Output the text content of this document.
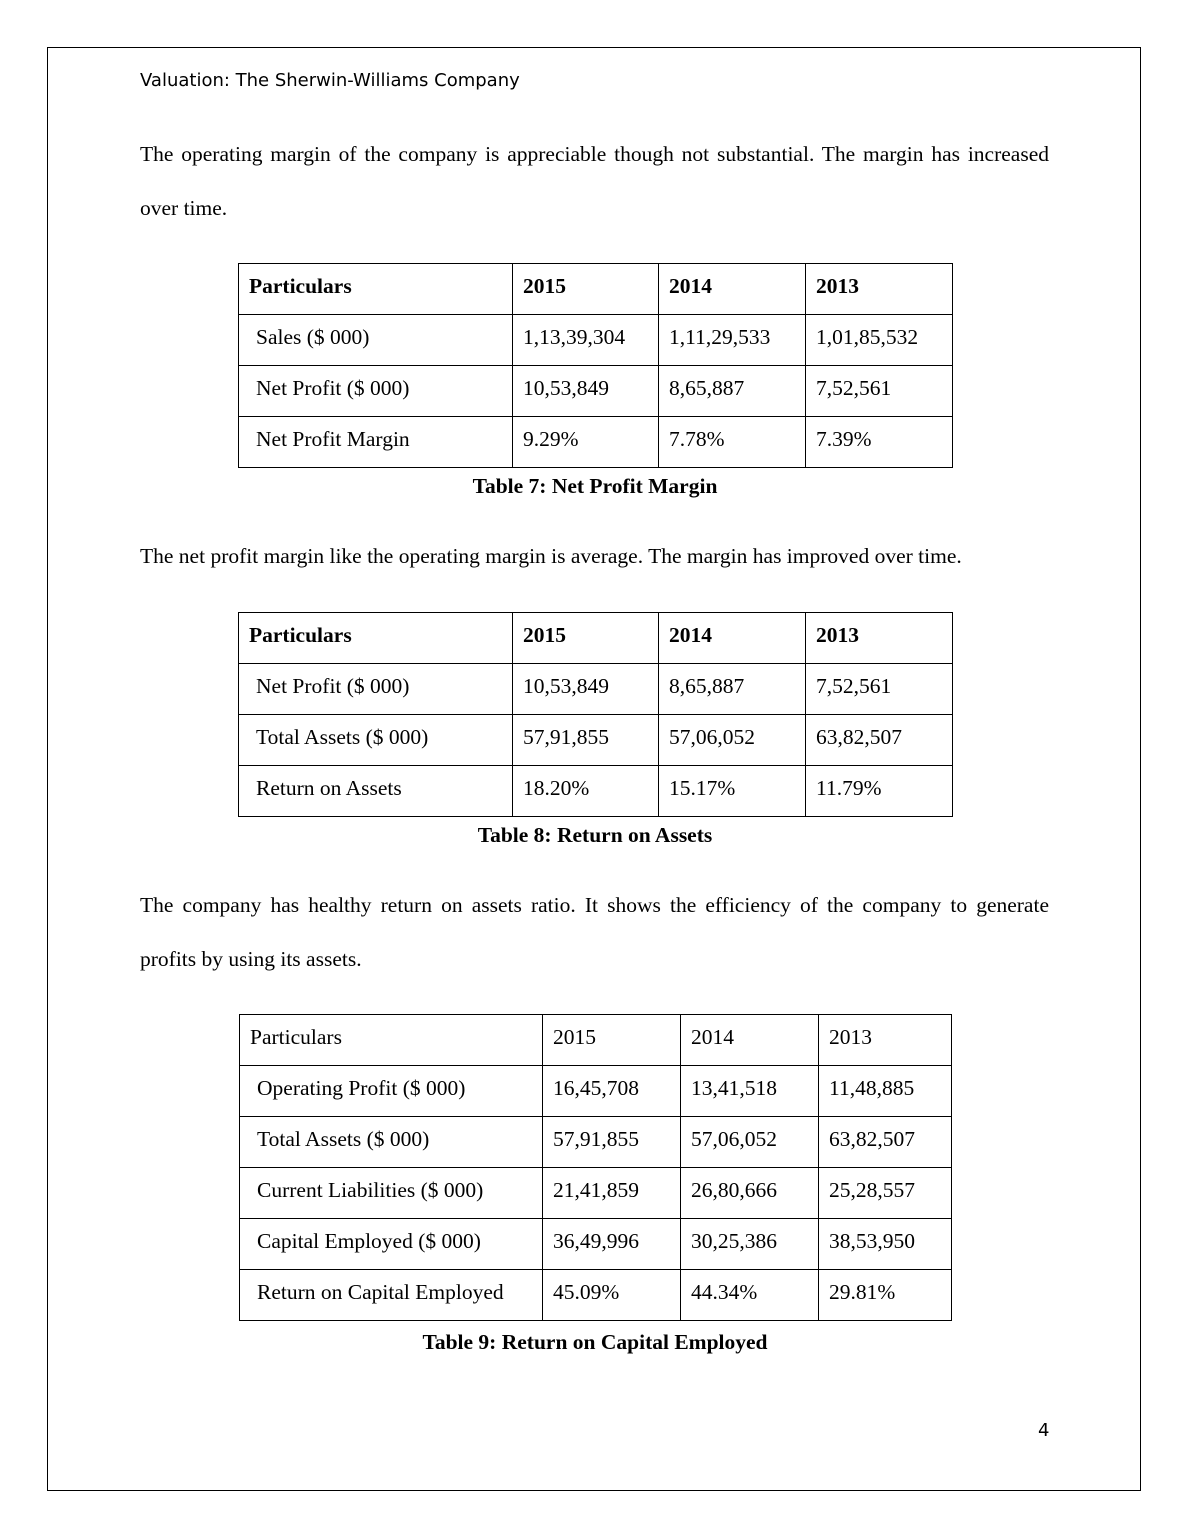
Valuation: The Sherwin-Williams Company

The operating margin of the company is appreciable though not substantial. The margin has increased over time.

Particulars	2015	2014	2013
Sales ($ 000)	1,13,39,304	1,11,29,533	1,01,85,532
Net Profit ($ 000)	10,53,849	8,65,887	7,52,561
Net Profit Margin	9.29%	7.78%	7.39%
Table 7: Net Profit Margin

The net profit margin like the operating margin is average. The margin has improved over time.

Particulars	2015	2014	2013
Net Profit ($ 000)	10,53,849	8,65,887	7,52,561
Total Assets ($ 000)	57,91,855	57,06,052	63,82,507
Return on Assets	18.20%	15.17%	11.79%
Table 8: Return on Assets

The company has healthy return on assets ratio. It shows the efficiency of the company to generate profits by using its assets.

Particulars	2015	2014	2013
Operating Profit ($ 000)	16,45,708	13,41,518	11,48,885
Total Assets ($ 000)	57,91,855	57,06,052	63,82,507
Current Liabilities ($ 000)	21,41,859	26,80,666	25,28,557
Capital Employed ($ 000)	36,49,996	30,25,386	38,53,950
Return on Capital Employed	45.09%	44.34%	29.81%
Table 9: Return on Capital Employed
4
